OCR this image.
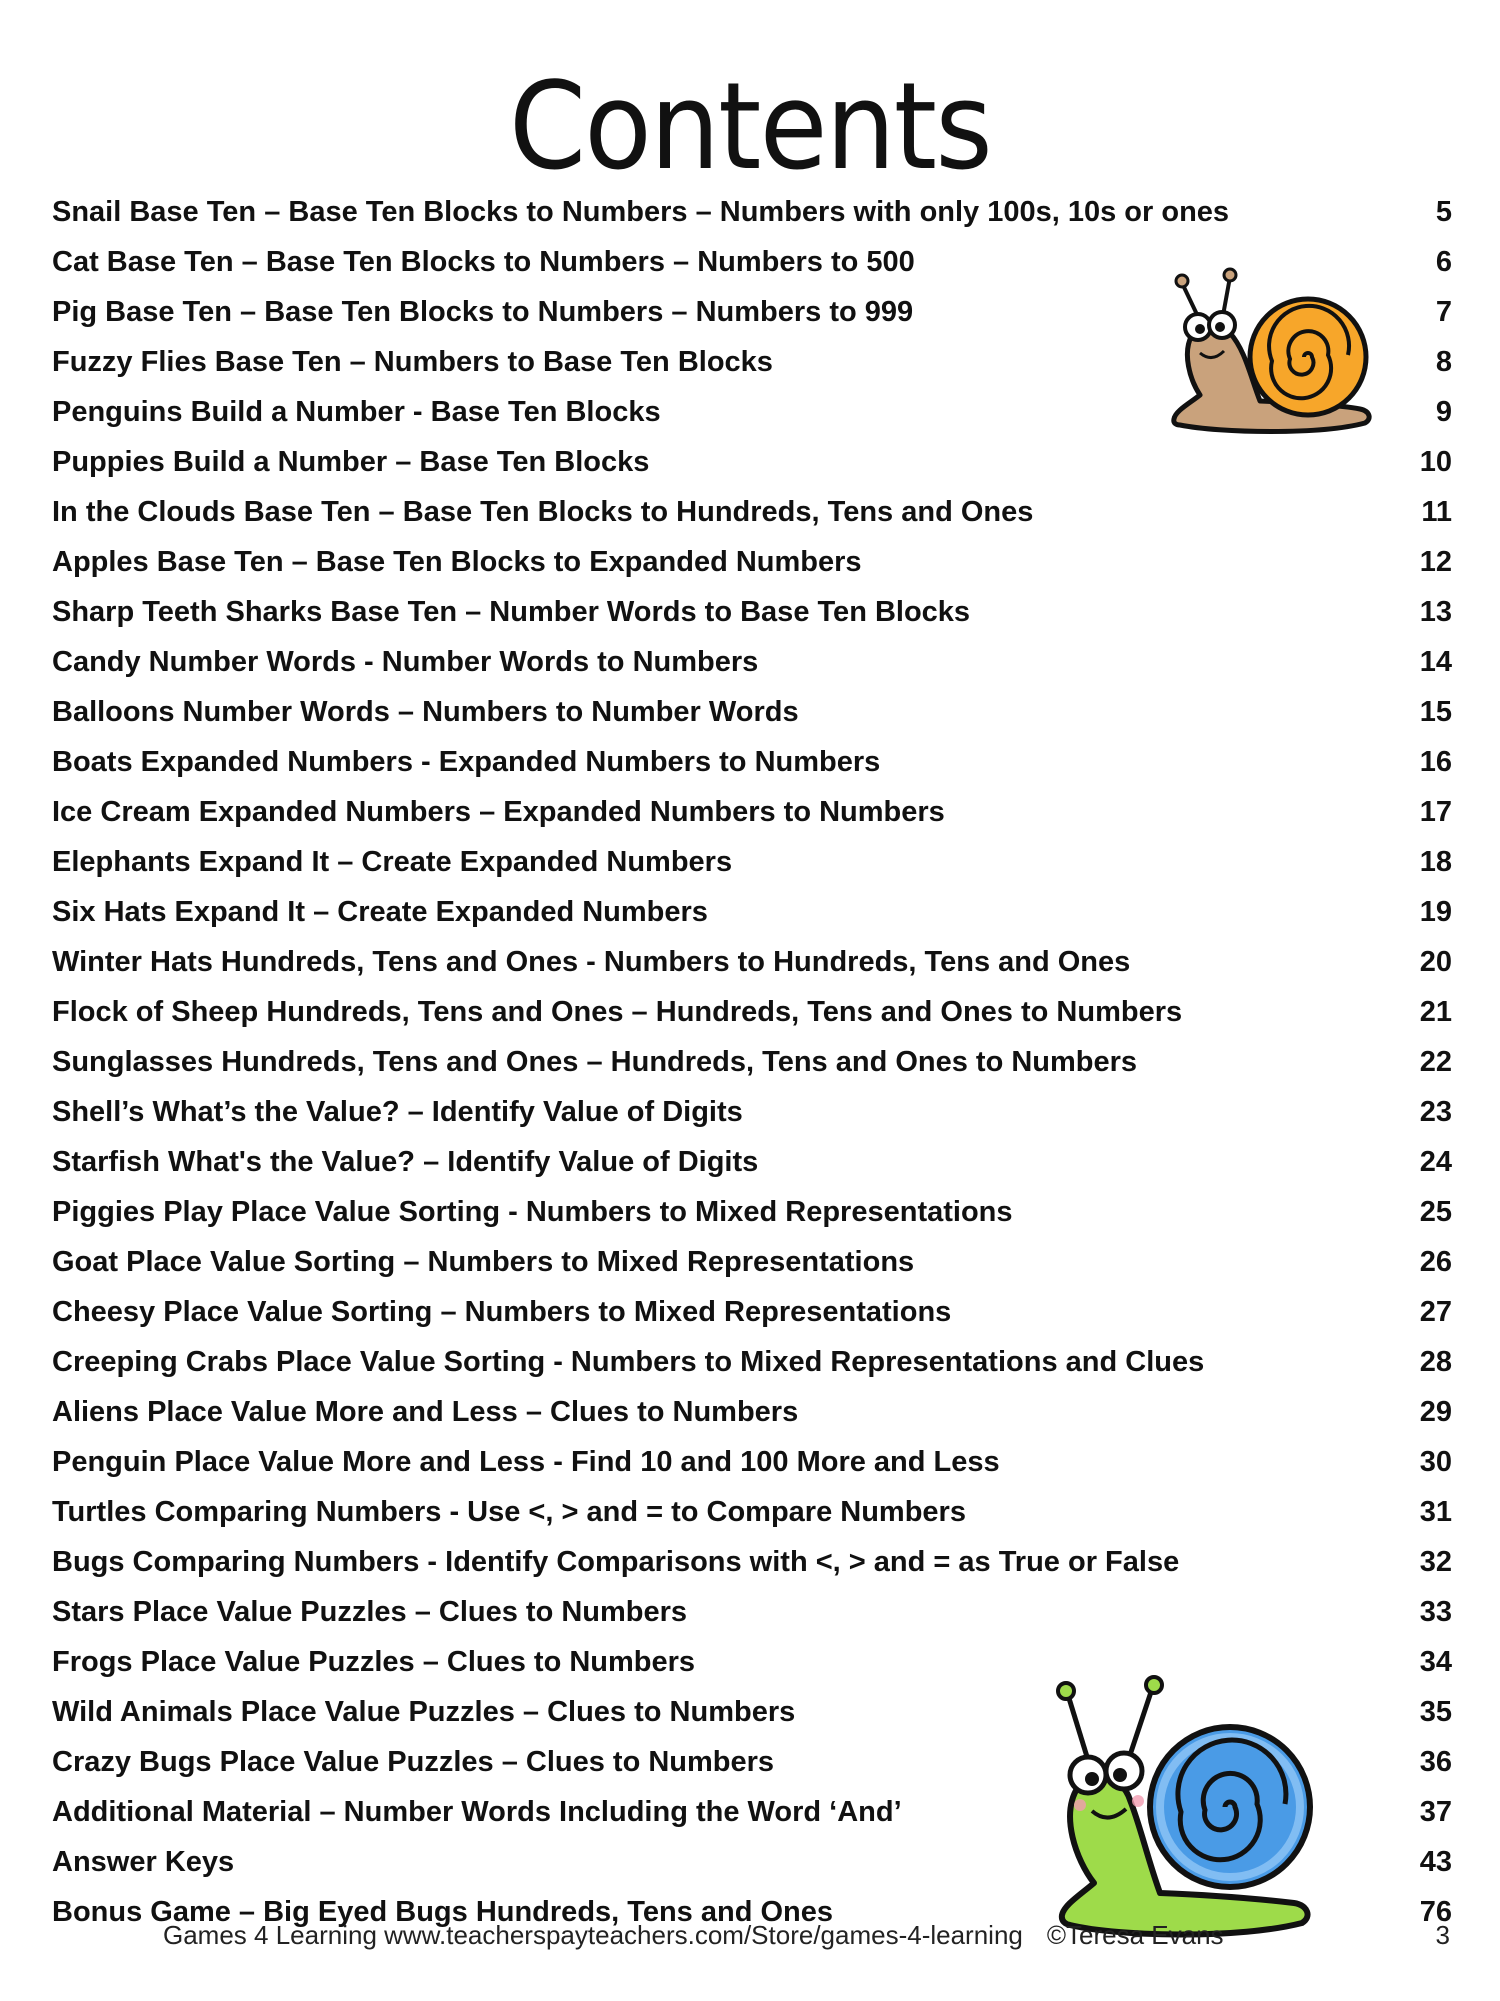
Contents
Snail Base Ten – Base Ten Blocks to Numbers – Numbers with only 100s, 10s or ones	5
Cat Base Ten – Base Ten Blocks to Numbers – Numbers to 500	6
Pig Base Ten – Base Ten Blocks to Numbers – Numbers to 999	7
Fuzzy Flies Base Ten – Numbers to Base Ten Blocks	8
Penguins Build a Number - Base Ten Blocks	9
Puppies Build a Number – Base Ten Blocks	10
In the Clouds Base Ten – Base Ten Blocks to Hundreds, Tens and Ones	11
Apples Base Ten – Base Ten Blocks to Expanded Numbers	12
Sharp Teeth Sharks Base Ten – Number Words to Base Ten Blocks	13
Candy Number Words - Number Words to Numbers	14
Balloons Number Words – Numbers to Number Words	15
Boats Expanded Numbers - Expanded Numbers to Numbers	16
Ice Cream Expanded Numbers – Expanded Numbers to Numbers	17
Elephants Expand It – Create Expanded Numbers	18
Six Hats Expand It – Create Expanded Numbers	19
Winter Hats Hundreds, Tens and Ones - Numbers to Hundreds, Tens and Ones	20
Flock of Sheep Hundreds, Tens and Ones – Hundreds, Tens and Ones to Numbers	21
Sunglasses Hundreds, Tens and Ones – Hundreds, Tens and Ones to Numbers	22
Shell’s What’s the Value? – Identify Value of Digits	23
Starfish What's the Value? – Identify Value of Digits	24
Piggies Play Place Value Sorting - Numbers to Mixed Representations	25
Goat Place Value Sorting – Numbers to Mixed Representations	26
Cheesy Place Value Sorting – Numbers to Mixed Representations	27
Creeping Crabs Place Value Sorting - Numbers to Mixed Representations and Clues	28
Aliens Place Value More and Less – Clues to Numbers	29
Penguin Place Value More and Less - Find 10 and 100 More and Less	30
Turtles Comparing Numbers - Use <, > and = to Compare Numbers	31
Bugs Comparing Numbers - Identify Comparisons with <, > and = as True or False	32
Stars Place Value Puzzles – Clues to Numbers	33
Frogs Place Value Puzzles – Clues to Numbers	34
Wild Animals Place Value Puzzles – Clues to Numbers	35
Crazy Bugs Place Value Puzzles – Clues to Numbers	36
Additional Material – Number Words Including the Word ‘And’	37
Answer Keys	43
Bonus Game – Big Eyed Bugs Hundreds, Tens and Ones	76
Games 4 Learning www.teacherspayteachers.com/Store/games-4-learning ©Teresa Evans	3
